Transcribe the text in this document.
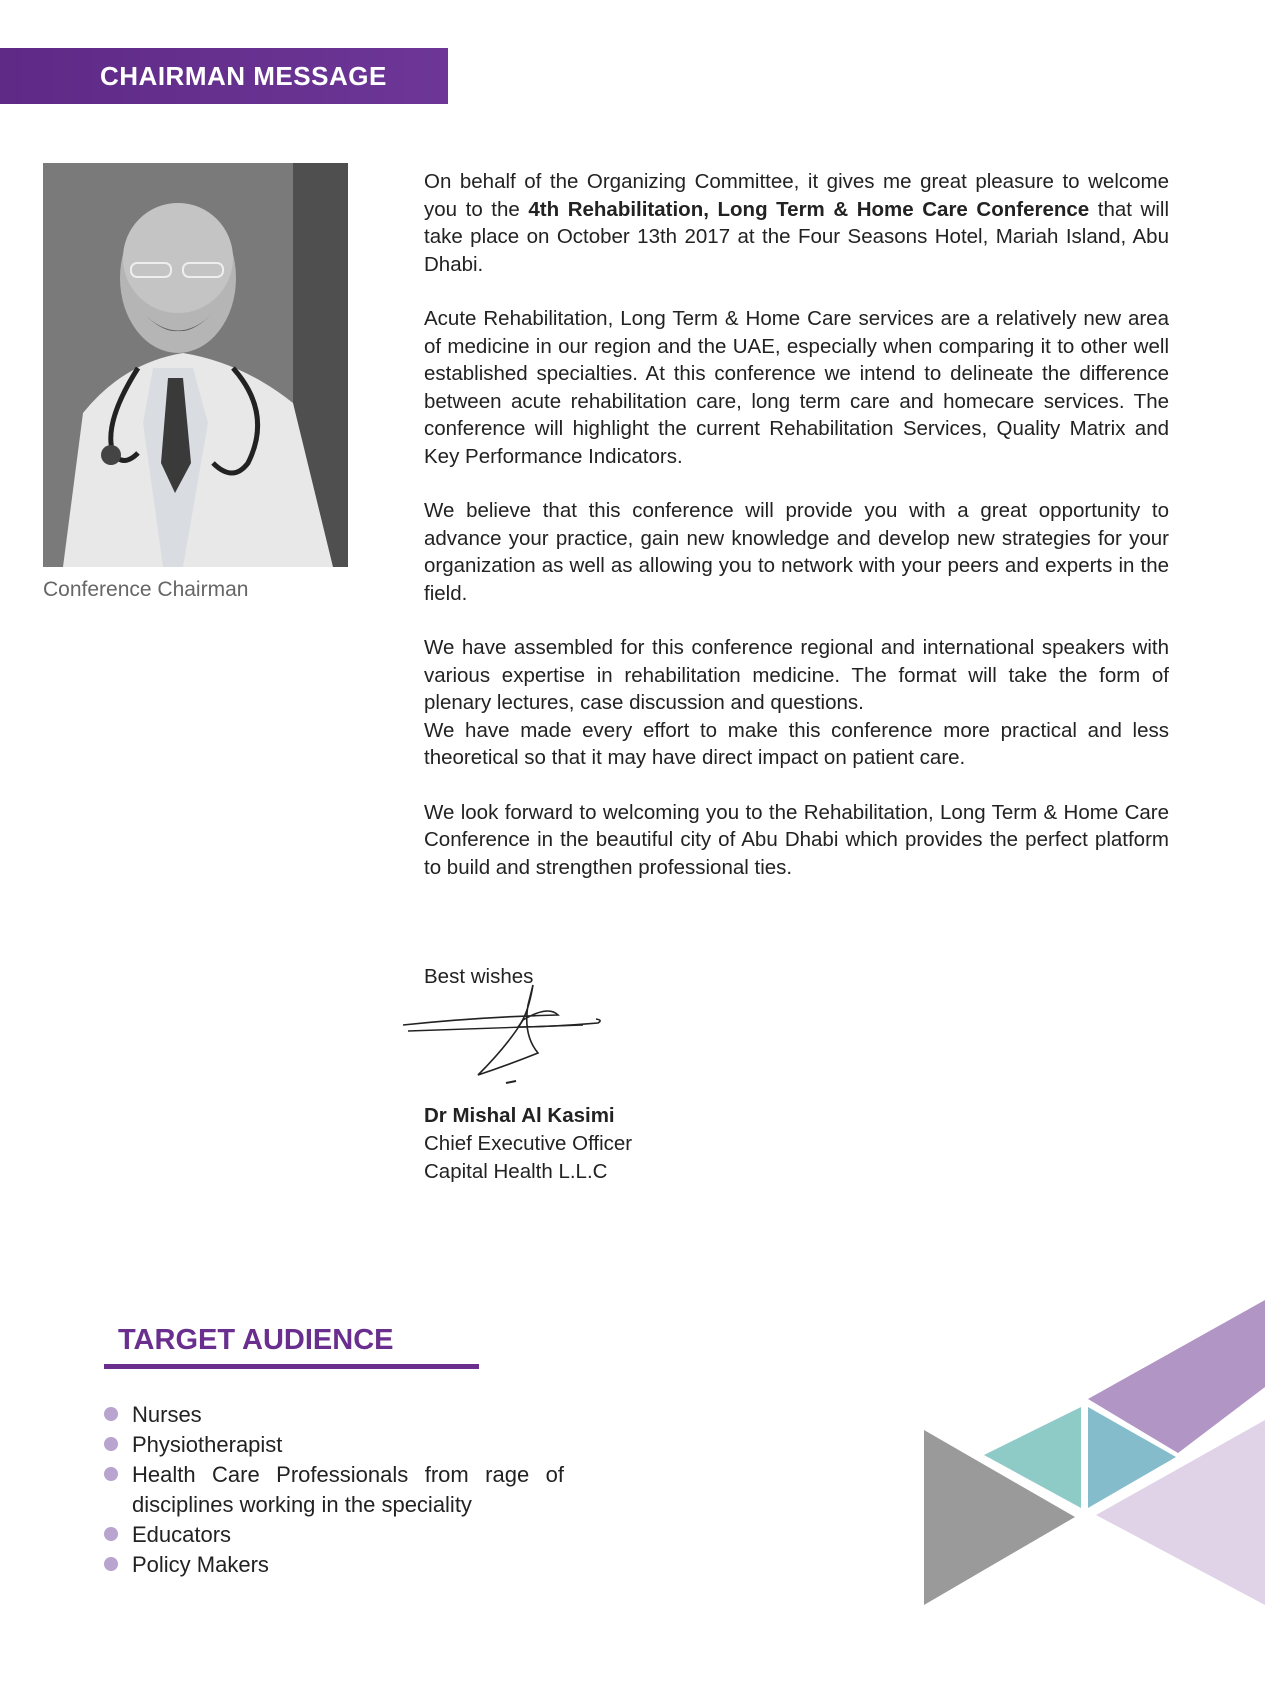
CHAIRMAN MESSAGE
Conference Chairman

On behalf of the Organizing Committee, it gives me great pleasure to welcome you to the 4th Rehabilitation, Long Term & Home Care Conference that will take place on October 13th 2017 at the Four Seasons Hotel, Mariah Island, Abu Dhabi.

Acute Rehabilitation, Long Term & Home Care services are a relatively new area of medicine in our region and the UAE, especially when comparing it to other well established specialties. At this conference we intend to delineate the difference between acute rehabilitation care, long term care and homecare services. The conference will highlight the current Rehabilitation Services, Quality Matrix and Key Performance Indicators.

We believe that this conference will provide you with a great opportunity to advance your practice, gain new knowledge and develop new strategies for your organization as well as allowing you to network with your peers and experts in the field.

We have assembled for this conference regional and international speakers with various expertise in rehabilitation medicine. The format will take the form of plenary lectures, case discussion and questions.

We have made every effort to make this conference more practical and less theoretical so that it may have direct impact on patient care.

We look forward to welcoming you to the Rehabilitation, Long Term & Home Care Conference in the beautiful city of Abu Dhabi which provides the perfect platform to build and strengthen professional ties.

Best wishes
Dr Mishal Al Kasimi
Chief Executive Officer
Capital Health L.L.C
TARGET AUDIENCE
Nurses
Physiotherapist
Health Care Professionals from rage of disciplines working in the speciality
Educators
Policy Makers
